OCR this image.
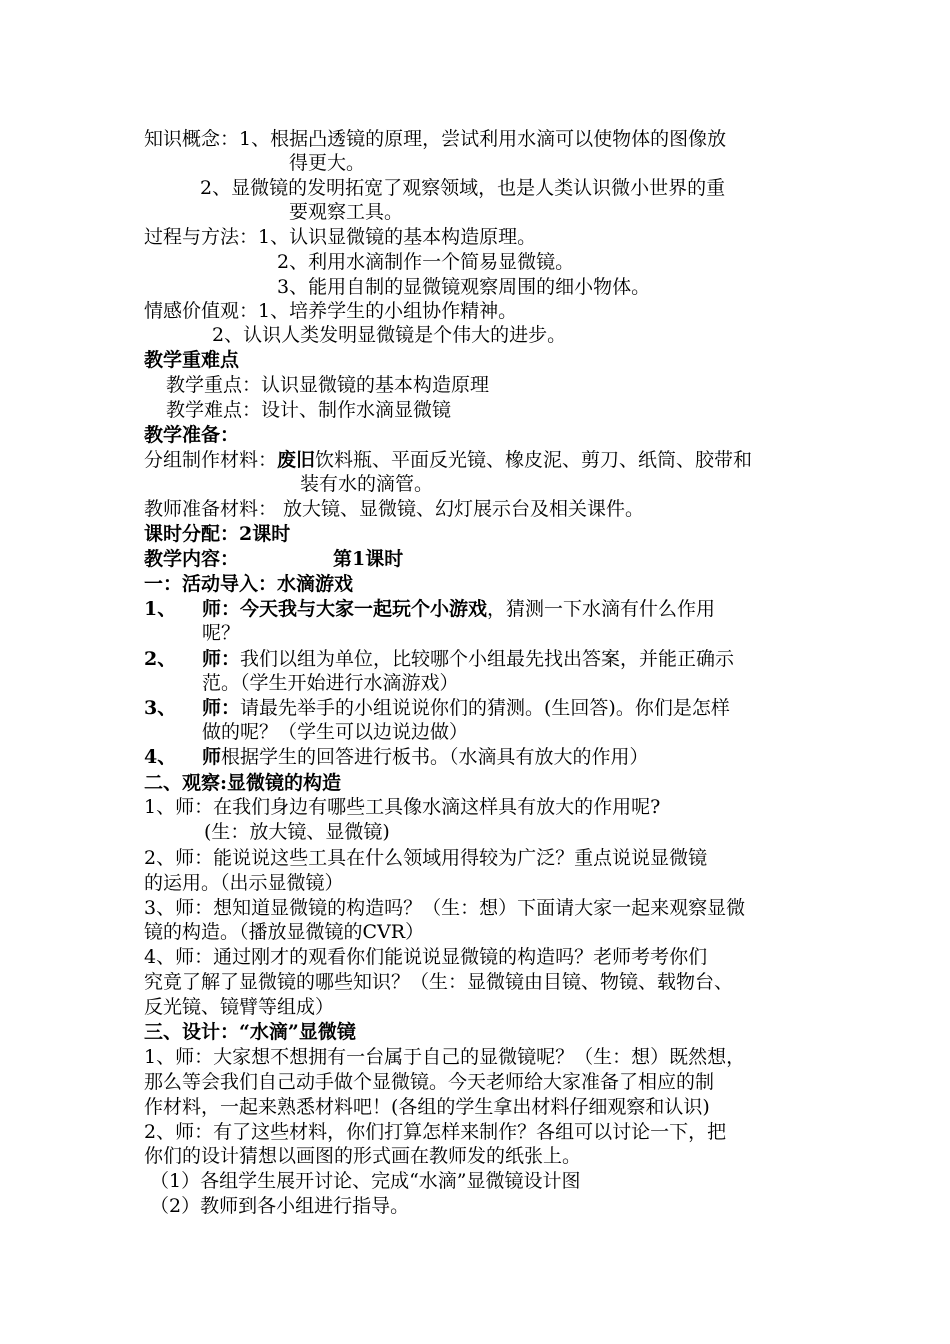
知识概念：1、根据凸透镜的原理，尝试利用水滴可以使物体的图像放
得更大。
2、显微镜的发明拓宽了观察领域，也是人类认识微小世界的重
要观察工具。
过程与方法：1、认识显微镜的基本构造原理。
2、利用水滴制作一个简易显微镜。
3、能用自制的显微镜观察周围的细小物体。
情感价值观：1、培养学生的小组协作精神。
2、认识人类发明显微镜是个伟大的进步。
教学重难点
教学重点：认识显微镜的基本构造原理
教学难点：设计、制作水滴显微镜
教学准备：
分组制作材料：废旧饮料瓶、平面反光镜、橡皮泥、剪刀、纸筒、胶带和
装有水的滴管。
教师准备材料： 放大镜、显微镜、幻灯展示台及相关课件。
课时分配：2课时
教学内容：	第1课时
一：活动导入：水滴游戏
1、 师：今天我与大家一起玩个小游戏，猜测一下水滴有什么作用
呢？
2、 师：我们以组为单位，比较哪个小组最先找出答案，并能正确示
范。（学生开始进行水滴游戏）
3、 师：请最先举手的小组说说你们的猜测。(生回答)。你们是怎样
做的呢？（学生可以边说边做）
4、 师根据学生的回答进行板书。（水滴具有放大的作用）
二、观察:显微镜的构造
1、师：在我们身边有哪些工具像水滴这样具有放大的作用呢?
(生：放大镜、显微镜)
2、师：能说说这些工具在什么领域用得较为广泛？重点说说显微镜
的运用。（出示显微镜）
3、师：想知道显微镜的构造吗？（生：想）下面请大家一起来观察显微
镜的构造。（播放显微镜的CVR）
4、师：通过刚才的观看你们能说说显微镜的构造吗？老师考考你们
究竟了解了显微镜的哪些知识？（生：显微镜由目镜、物镜、载物台、
反光镜、镜臂等组成）
三、设计：“水滴”显微镜
1、师：大家想不想拥有一台属于自己的显微镜呢？（生：想）既然想，
那么等会我们自己动手做个显微镜。今天老师给大家准备了相应的制
作材料，一起来熟悉材料吧！(各组的学生拿出材料仔细观察和认识)
2、师：有了这些材料，你们打算怎样来制作？各组可以讨论一下，把
你们的设计猜想以画图的形式画在教师发的纸张上。
（1）各组学生展开讨论、完成“水滴”显微镜设计图
（2）教师到各小组进行指导。
